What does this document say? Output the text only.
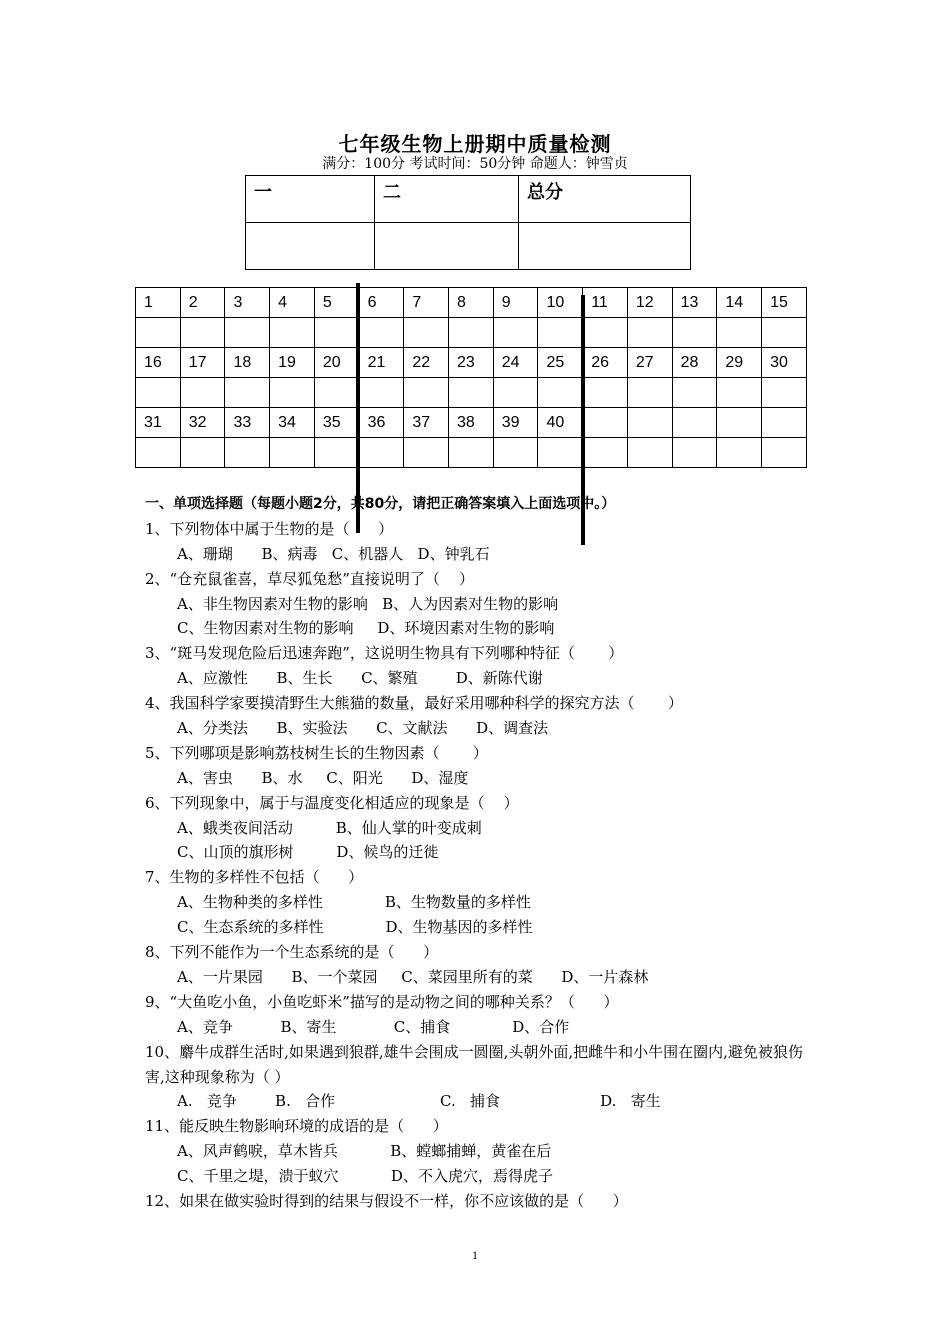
七年级生物上册期中质量检测
满分：100分 考试时间：50分钟 命题人：钟雪贞
一	二	总分

1	2	3	4	5	6	7	8	9	10	11	12	13	14	15

16	17	18	19	20	21	22	23	24	25	26	27	28	29	30

31	32	33	34	35	36	37	38	39	40					

一、单项选择题（每题小题2分，共80分，请把正确答案填入上面选项中。）
1、下列物体中属于生物的是（      ）
A、珊瑚      B、病毒   C、机器人   D、钟乳石
2、“仓充鼠雀喜，草尽狐兔愁”直接说明了（    ）
A、非生物因素对生物的影响   B、人为因素对生物的影响
C、生物因素对生物的影响     D、环境因素对生物的影响
3、“斑马发现危险后迅速奔跑”，这说明生物具有下列哪种特征（       ）
A、应激性      B、生长      C、繁殖        D、新陈代谢
4、我国科学家要摸清野生大熊猫的数量，最好采用哪种科学的探究方法（       ）
A、分类法      B、实验法      C、文献法      D、调查法
5、下列哪项是影响荔枝树生长的生物因素（       ）
A、害虫      B、水     C、阳光      D、湿度
6、下列现象中，属于与温度变化相适应的现象是（    ）
A、蛾类夜间活动         B、仙人掌的叶变成刺
C、山顶的旗形树         D、候鸟的迁徙
7、生物的多样性不包括（      ）
A、生物种类的多样性             B、生物数量的多样性
C、生态系统的多样性             D、生物基因的多样性
8、下列不能作为一个生态系统的是（      ）
A、一片果园      B、一个菜园     C、菜园里所有的菜      D、一片森林
9、“大鱼吃小鱼，小鱼吃虾米”描写的是动物之间的哪种关系？（      ）
A、竞争          B、寄生            C、捕食             D、合作
10、麝牛成群生活时,如果遇到狼群,雄牛会围成一圆圈,头朝外面,把雌牛和小牛围在圈内,避免被狼伤害,这种现象称为（ ）
A.   竞争        B.   合作                      C.   捕食                     D.   寄生
11、能反映生物影响环境的成语的是（      ）
A、风声鹤唳，草木皆兵           B、螳螂捕蝉，黄雀在后
C、千里之堤，溃于蚁穴           D、不入虎穴，焉得虎子
12、如果在做实验时得到的结果与假设不一样，你不应该做的是（      ）
1
